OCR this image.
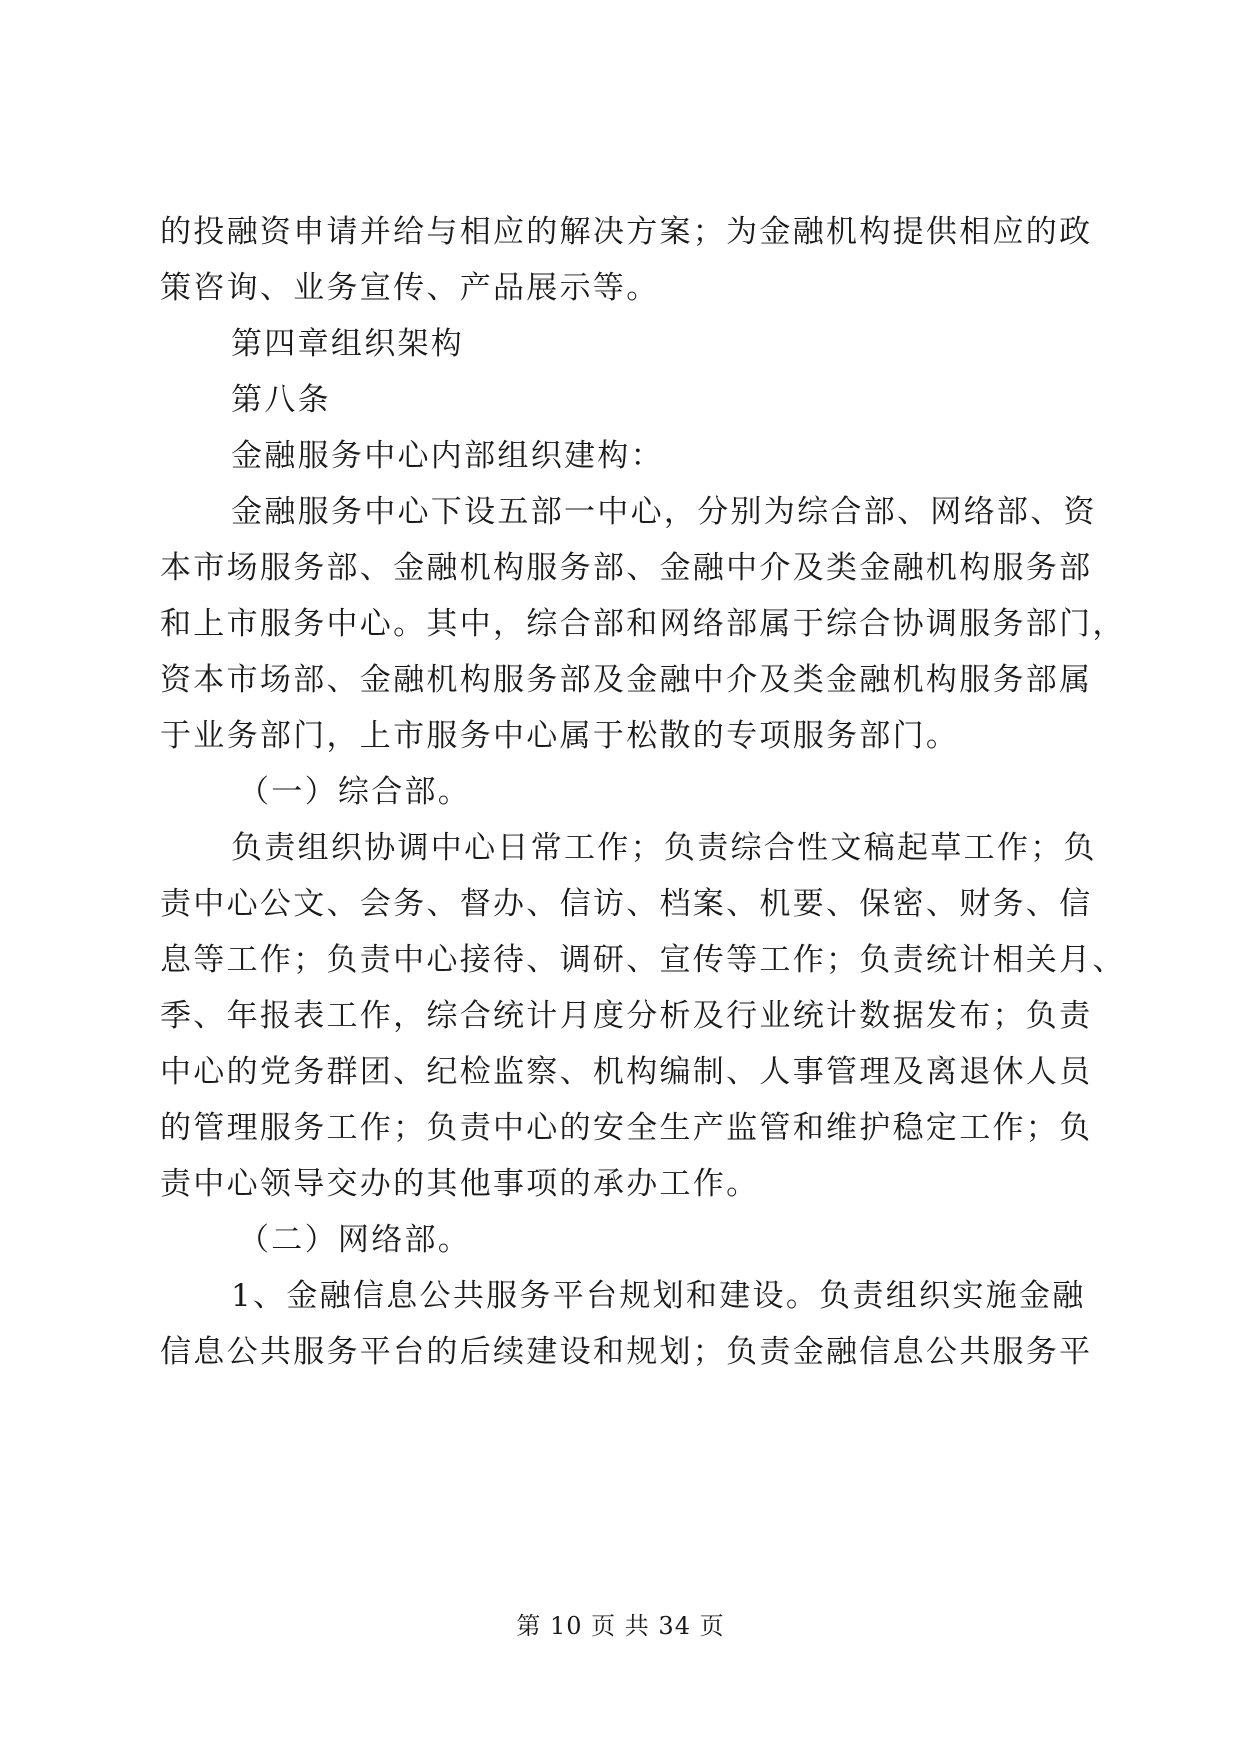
的投融资申请并给与相应的解决方案；为金融机构提供相应的政
策咨询、业务宣传、产品展示等。
第四章组织架构
第八条
金融服务中心内部组织建构：
金融服务中心下设五部一中心，分别为综合部、网络部、资
本市场服务部、金融机构服务部、金融中介及类金融机构服务部
和上市服务中心。其中，综合部和网络部属于综合协调服务部门，
资本市场部、金融机构服务部及金融中介及类金融机构服务部属
于业务部门，上市服务中心属于松散的专项服务部门。
（一）综合部。
负责组织协调中心日常工作；负责综合性文稿起草工作；负
责中心公文、会务、督办、信访、档案、机要、保密、财务、信
息等工作；负责中心接待、调研、宣传等工作；负责统计相关月、
季、年报表工作，综合统计月度分析及行业统计数据发布；负责
中心的党务群团、纪检监察、机构编制、人事管理及离退休人员
的管理服务工作；负责中心的安全生产监管和维护稳定工作；负
责中心领导交办的其他事项的承办工作。
（二）网络部。
1、金融信息公共服务平台规划和建设。负责组织实施金融
信息公共服务平台的后续建设和规划；负责金融信息公共服务平
第 10 页 共 34 页
